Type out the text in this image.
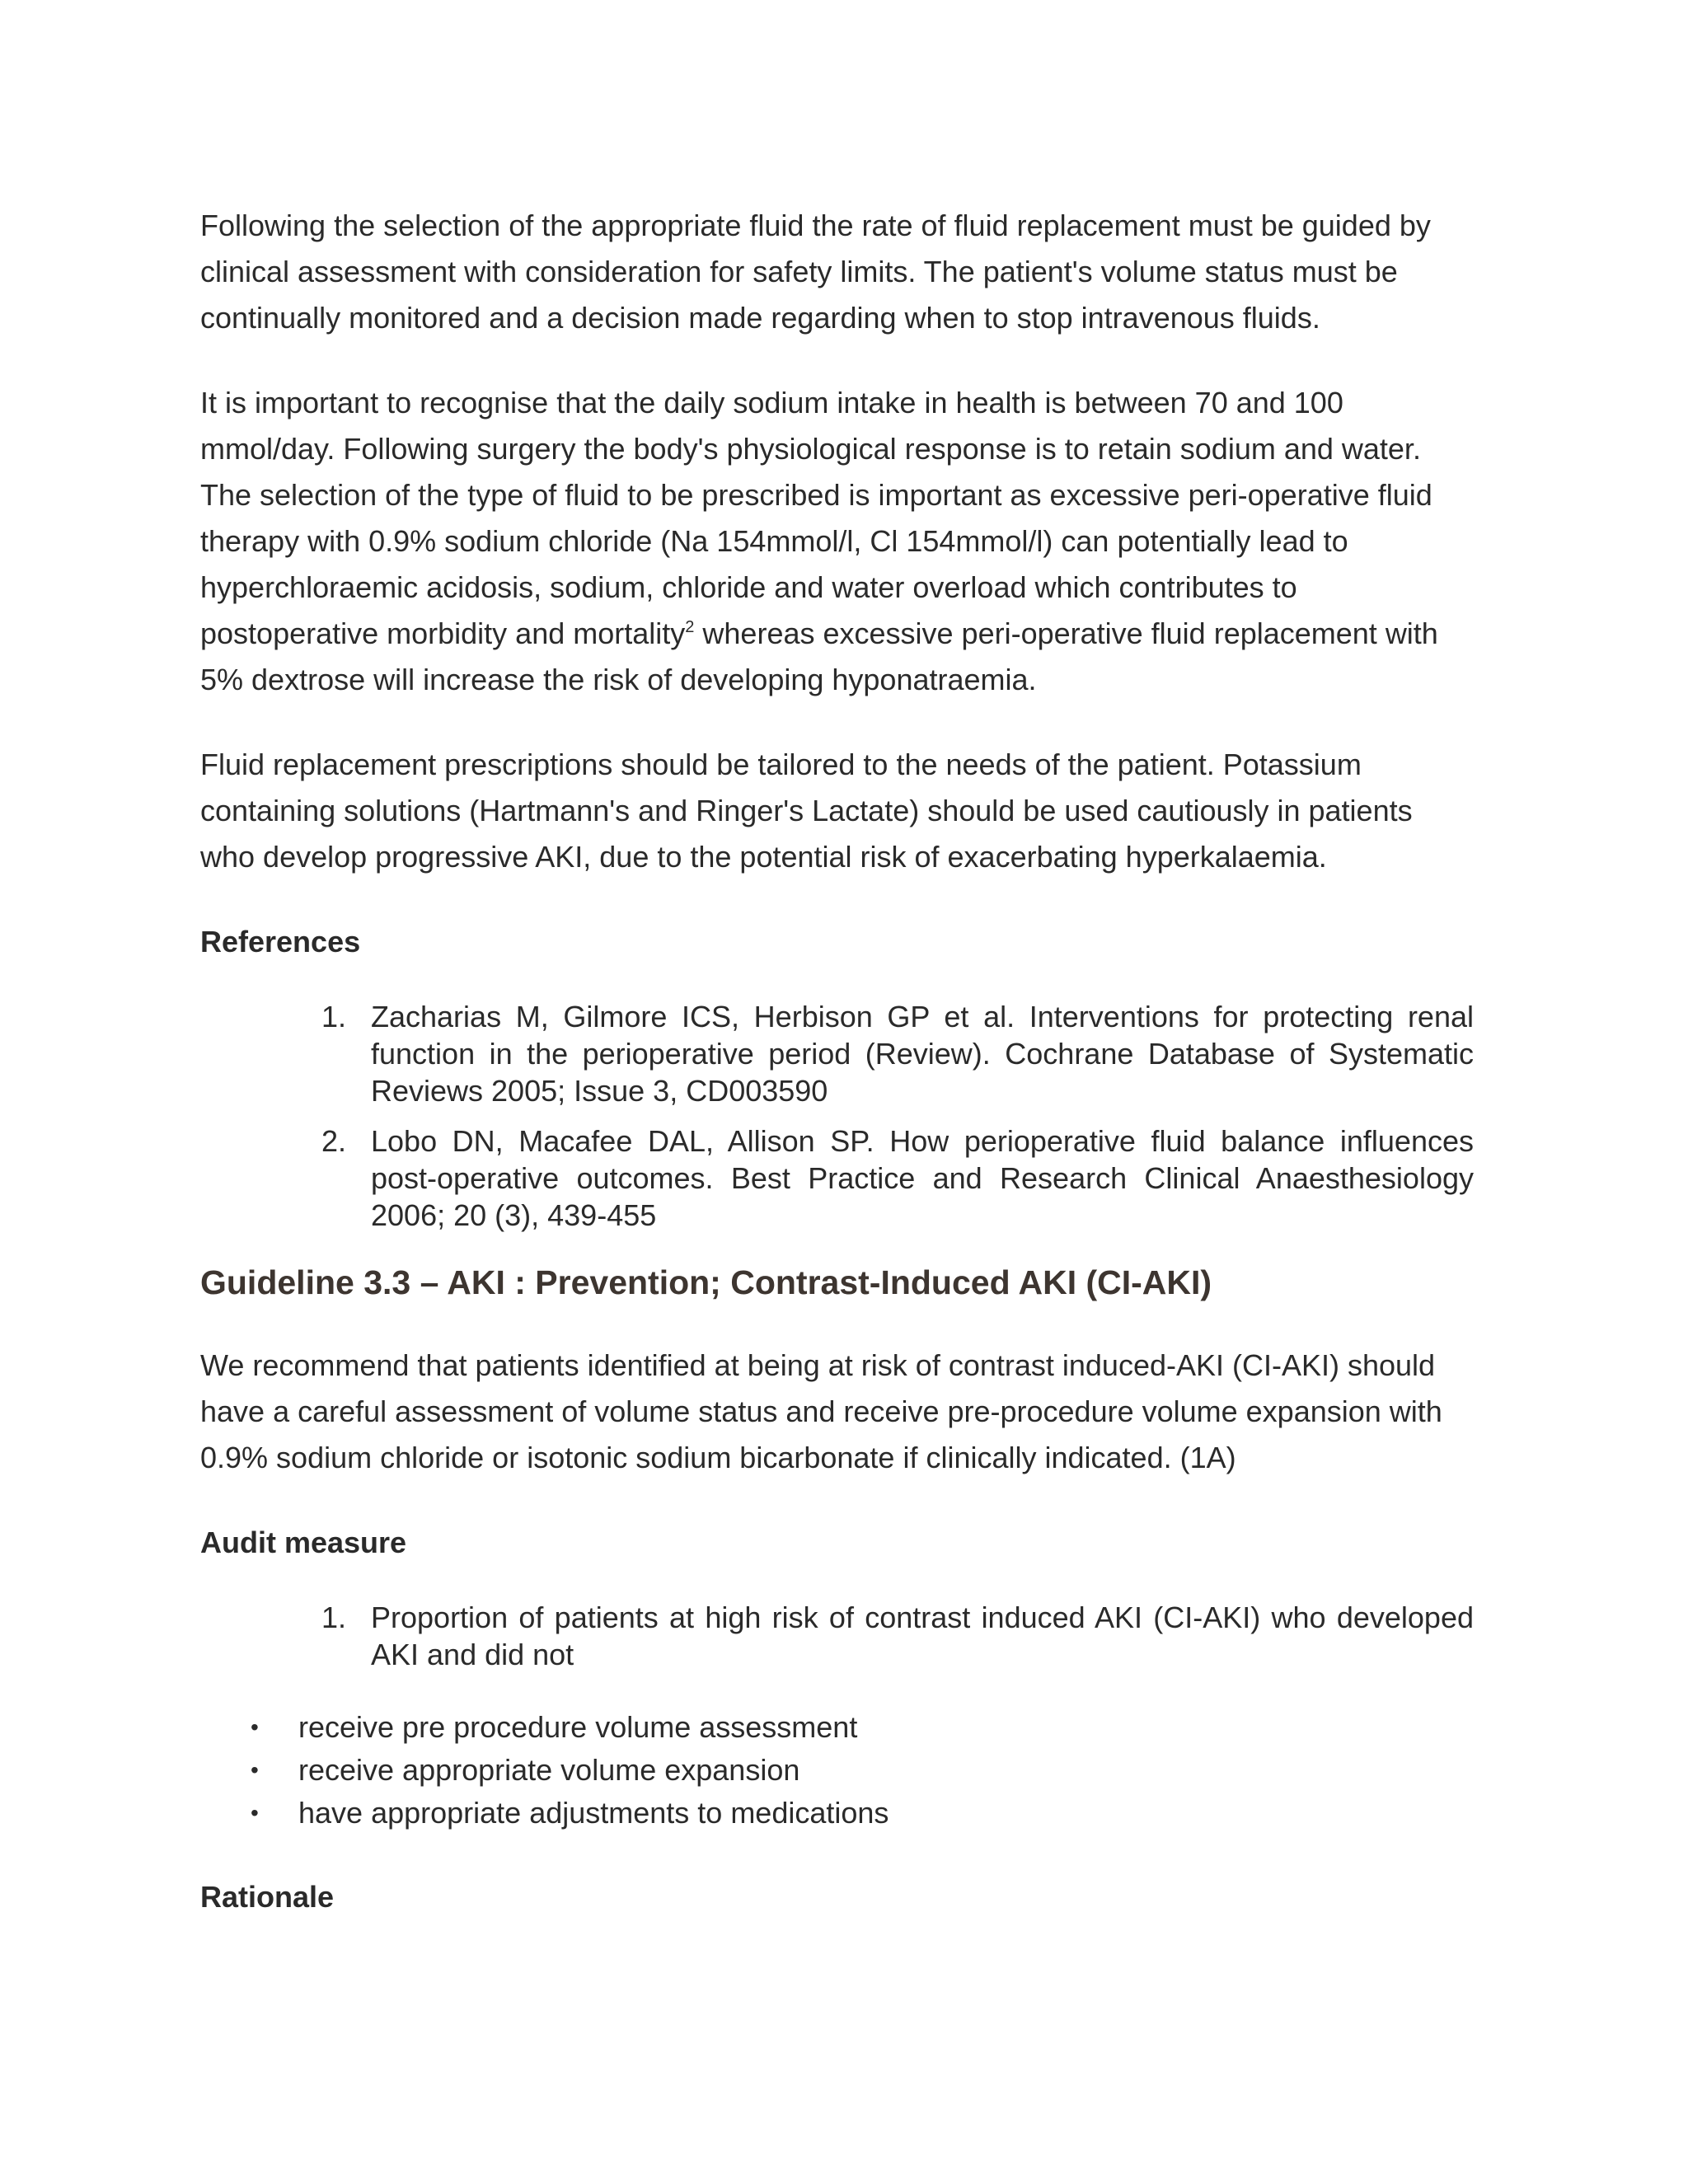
Following the selection of the appropriate fluid the rate of fluid replacement must be guided by clinical assessment with consideration for safety limits. The patient's volume status must be continually monitored and a decision made regarding when to stop intravenous fluids.

It is important to recognise that the daily sodium intake in health is between 70 and 100 mmol/day. Following surgery the body's physiological response is to retain sodium and water. The selection of the type of fluid to be prescribed is important as excessive peri-operative fluid therapy with 0.9% sodium chloride (Na 154mmol/l, Cl 154mmol/l) can potentially lead to hyperchloraemic acidosis, sodium, chloride and water overload which contributes to postoperative morbidity and mortality$^2$ whereas excessive peri-operative fluid replacement with 5% dextrose will increase the risk of developing hyponatraemia.

Fluid replacement prescriptions should be tailored to the needs of the patient. Potassium containing solutions (Hartmann's and Ringer's Lactate) should be used cautiously in patients who develop progressive AKI, due to the potential risk of exacerbating hyperkalaemia.

References
1. Zacharias M, Gilmore ICS, Herbison GP et al. Interventions for protecting renal function in the perioperative period (Review). Cochrane Database of Systematic Reviews 2005; Issue 3, CD003590
2. Lobo DN, Macafee DAL, Allison SP. How perioperative fluid balance influences post-operative outcomes. Best Practice and Research Clinical Anaesthesiology 2006; 20 (3), 439-455
Guideline 3.3 – AKI : Prevention; Contrast-Induced AKI (CI-AKI)

We recommend that patients identified at being at risk of contrast induced-AKI (CI-AKI) should have a careful assessment of volume status and receive pre-procedure volume expansion with 0.9% sodium chloride or isotonic sodium bicarbonate if clinically indicated. (1A)

Audit measure
1. Proportion of patients at high risk of contrast induced AKI (CI-AKI) who developed AKI and did not
• receive pre procedure volume assessment
• receive appropriate volume expansion
• have appropriate adjustments to medications
Rationale
